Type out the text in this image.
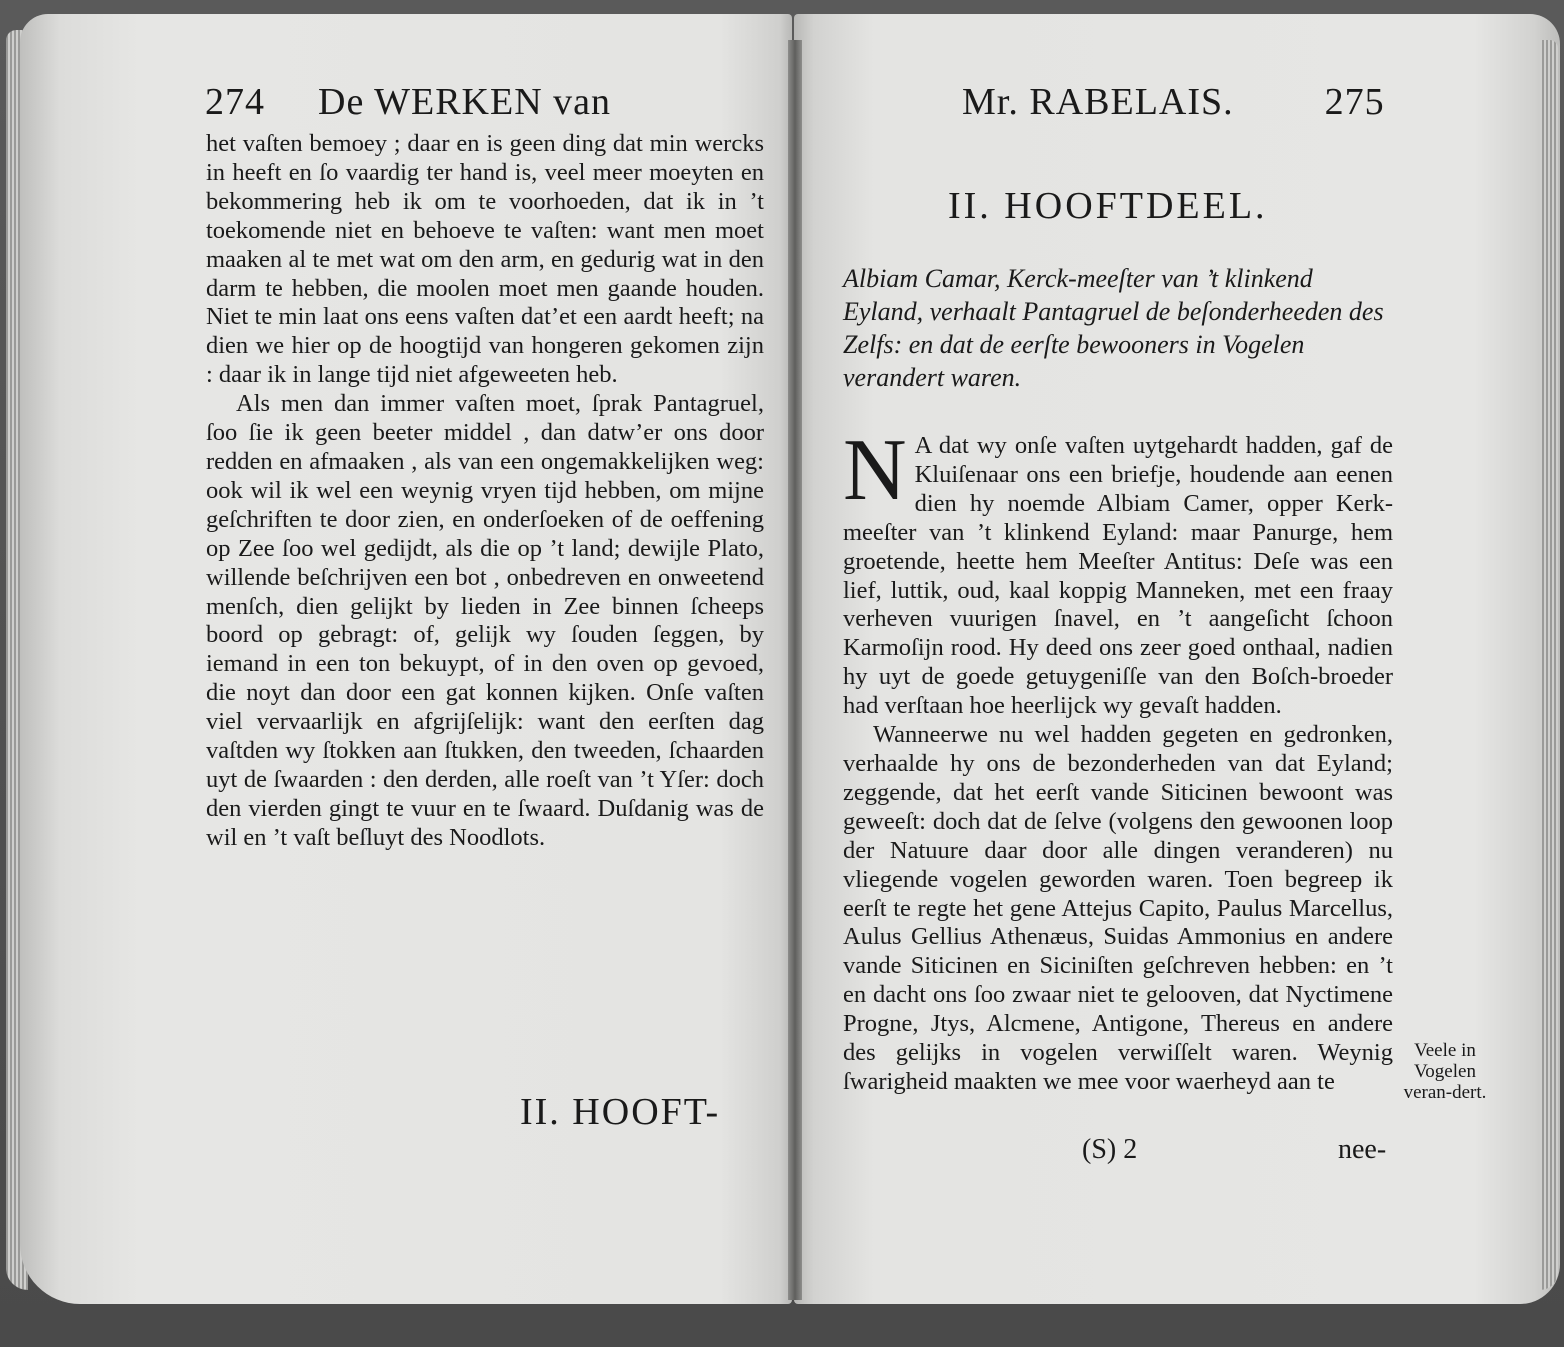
274 De WERKEN van

het vaſten bemoey ; daar en is geen ding dat min wercks in heeft en ſo vaardig ter hand is, veel meer moeyten en bekommering heb ik om te voorhoeden, dat ik in ’t toekomende niet en behoeve te vaſten: want men moet maaken al te met wat om den arm, en gedurig wat in den darm te hebben, die moolen moet men gaande houden. Niet te min laat ons eens vaſten dat’et een aardt heeft; na dien we hier op de hoogtijd van hongeren gekomen zijn : daar ik in lange tijd niet afgeweeten heb.

Als men dan immer vaſten moet, ſprak Pantagruel, ſoo ſie ik geen beeter middel , dan datw’er ons door redden en afmaaken , als van een ongemakkelijken weg: ook wil ik wel een weynig vryen tijd hebben, om mijne geſchriften te door zien, en onderſoeken of de oeffening op Zee ſoo wel gedijdt, als die op ’t land; dewijle Plato, willende beſchrijven een bot , onbedreven en onweetend menſch, dien gelijkt by lieden in Zee binnen ſcheeps boord op gebragt: of, gelijk wy ſouden ſeggen, by iemand in een ton bekuypt, of in den oven op gevoed, die noyt dan door een gat konnen kijken. Onſe vaſten viel vervaarlijk en afgrijſelijk: want den eerſten dag vaſtden wy ſtokken aan ſtukken, den tweeden, ſchaarden uyt de ſwaarden : den derden, alle roeſt van ’t Yſer: doch den vierden gingt te vuur en te ſwaard. Duſdanig was de wil en ’t vaſt beſluyt des Noodlots.

II. HOOFT-
Mr. RABELAIS. 275
II. HOOFTDEEL.
Albiam Camar, Kerck-meeſter van ’t klinkend Eyland, verhaalt Pantagruel de beſonderheeden des Zelfs: en dat de eerſte bewooners in Vogelen verandert waren.

N A dat wy onſe vaſten uytgehardt hadden, gaf de Kluiſenaar ons een briefje, houdende aan eenen dien hy noemde Albiam Camer, opper Kerk-meeſter van ’t klinkend Eyland: maar Panurge, hem groetende, heette hem Meeſter Antitus: Deſe was een lief, luttik, oud, kaal koppig Manneken, met een fraay verheven vuurigen ſnavel, en ’t aangeſicht ſchoon Karmoſijn rood. Hy deed ons zeer goed onthaal, nadien hy uyt de goede getuygeniſſe van den Boſch-broeder had verſtaan hoe heerlijck wy gevaſt hadden.

Wanneerwe nu wel hadden gegeten en gedronken, verhaalde hy ons de bezonderheden van dat Eyland; zeggende, dat het eerſt vande Siticinen bewoont was geweeſt: doch dat de ſelve (volgens den gewoonen loop der Natuure daar door alle dingen veranderen) nu vliegende vogelen geworden waren. Toen begreep ik eerſt te regte het gene Attejus Capito, Paulus Marcellus, Aulus Gellius Athenæus, Suidas Ammonius en andere vande Siticinen en Siciniſten geſchreven hebben: en ’t en dacht ons ſoo zwaar niet te gelooven, dat Nyctimene Progne, Jtys, Alcmene, Antigone, Thereus en andere des gelijks in vogelen verwiſſelt waren. Weynig ſwarigheid maakten we mee voor waerheyd aan te

Veele in Vogelen veran-dert.
(S) 2	nee-
